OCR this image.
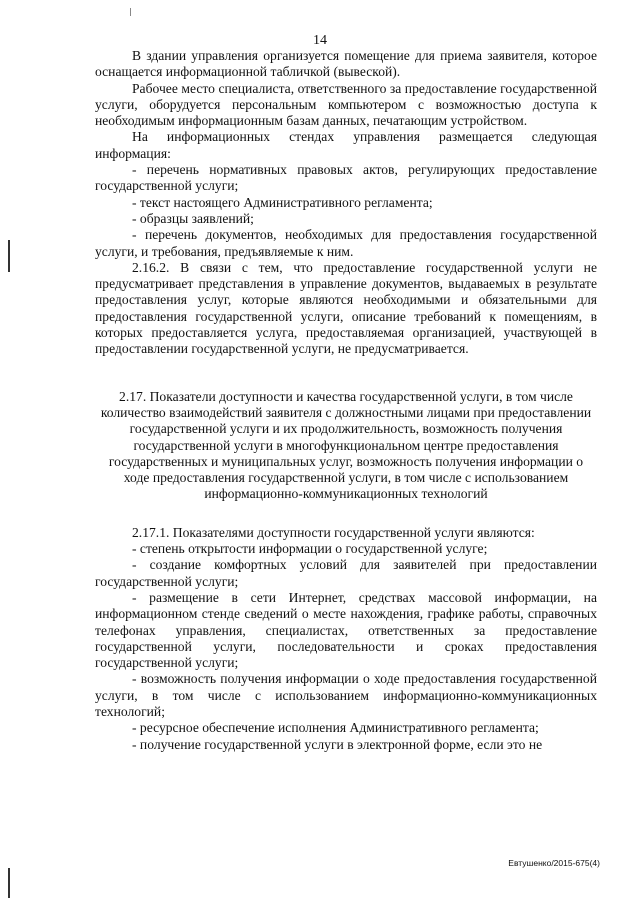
14

В здании управления организуется помещение для приема заявителя, которое оснащается информационной табличкой (вывеской).

Рабочее место специалиста, ответственного за предоставление государственной услуги, оборудуется персональным компьютером с возможностью доступа к необходимым информационным базам данных, печатающим устройством.

На информационных стендах управления размещается следующая информация:

- перечень нормативных правовых актов, регулирующих предоставление государственной услуги;

- текст настоящего Административного регламента;

- образцы заявлений;

- перечень документов, необходимых для предоставления государственной услуги, и требования, предъявляемые к ним.

2.16.2. В связи с тем, что предоставление государственной услуги не предусматривает представления в управление документов, выдаваемых в результате предоставления услуг, которые являются необходимыми и обязательными для предоставления государственной услуги, описание требований к помещениям, в которых предоставляется услуга, предоставляемая организацией, участвующей в предоставлении государственной услуги, не предусматривается.

2.17. Показатели доступности и качества государственной услуги, в том числе количество взаимодействий заявителя с должностными лицами при предоставлении государственной услуги и их продолжительность, возможность получения государственной услуги в многофункциональном центре предоставления государственных и муниципальных услуг, возможность получения информации о ходе предоставления государственной услуги, в том числе с использованием информационно-коммуникационных технологий

2.17.1. Показателями доступности государственной услуги являются:

- степень открытости информации о государственной услуге;

- создание комфортных условий для заявителей при предоставлении государственной услуги;

- размещение в сети Интернет, средствах массовой информации, на информационном стенде сведений о месте нахождения, графике работы, справочных телефонах управления, специалистах, ответственных за предоставление государственной услуги, последовательности и сроках предоставления государственной услуги;

- возможность получения информации о ходе предоставления государственной услуги, в том числе с использованием информационно-коммуникационных технологий;

- ресурсное обеспечение исполнения Административного регламента;

- получение государственной услуги в электронной форме, если это не

Евтушенко/2015-675(4)
